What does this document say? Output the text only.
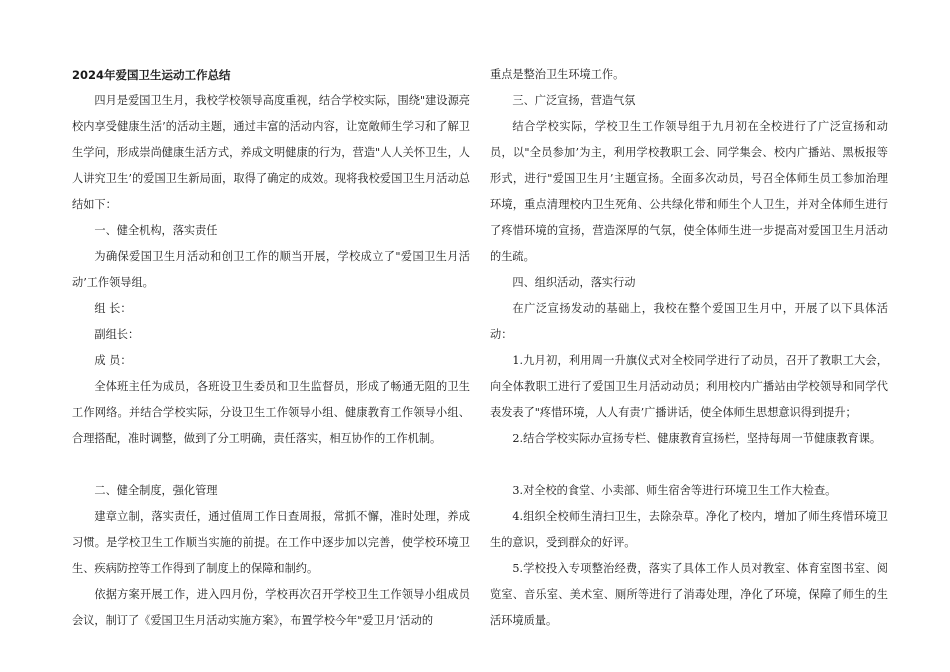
2024年爱国卫生运动工作总结

四月是爱国卫生月，我校学校领导高度重视，结合学校实际，围绕"建设源亮 校内享受健康生活’的活动主题，通过丰富的活动内容，让宽敞师生学习和了解卫生学问，形成崇尚健康生活方式，养成文明健康的行为，营造"人人关怀卫生，人人讲究卫生’的爱国卫生新局面，取得了确定的成效。现将我校爱国卫生月活动总结如下：

一、健全机构，落实责任

为确保爱国卫生月活动和创卫工作的顺当开展，学校成立了"爱国卫生月活动’工作领导组。

组 长：

副组长：

成 员：

全体班主任为成员，各班设卫生委员和卫生监督员，形成了畅通无阻的卫生工作网络。并结合学校实际，分设卫生工作领导小组、健康教育工作领导小组、合理搭配，准时调整，做到了分工明确，责任落实，相互协作的工作机制。

二、健全制度，强化管理

建章立制，落实责任，通过值周工作日查周报，常抓不懈，准时处理，养成习惯。是学校卫生工作顺当实施的前提。在工作中逐步加以完善，使学校环境卫生、疾病防控等工作得到了制度上的保障和制约。

依据方案开展工作，进入四月份，学校再次召开学校卫生工作领导小组成员会议，制订了《爱国卫生月活动实施方案》，布置学校今年"爱卫月’活动的

重点是整治卫生环境工作。

三、广泛宣扬，营造气氛

结合学校实际，学校卫生工作领导组于九月初在全校进行了广泛宣扬和动员，以"全员参加’为主，利用学校教职工会、同学集会、校内广播站、黑板报等形式，进行"爱国卫生月’主题宣扬。全面多次动员，号召全体师生员工参加治理环境，重点清理校内卫生死角、公共绿化带和师生个人卫生，并对全体师生进行了疼惜环境的宣扬，营造深厚的气氛，使全体师生进一步提高对爱国卫生月活动的生疏。

四、组织活动，落实行动

在广泛宣扬发动的基础上，我校在整个爱国卫生月中，开展了以下具体活动：

1.九月初，利用周一升旗仪式对全校同学进行了动员，召开了教职工大会，向全体教职工进行了爱国卫生月活动动员；利用校内广播站由学校领导和同学代表发表了"疼惜环境，人人有责’广播讲话，使全体师生思想意识得到提升；

2.结合学校实际办宣扬专栏、健康教育宣扬栏，坚持每周一节健康教育课。

3.对全校的食堂、小卖部、师生宿舍等进行环境卫生工作大检查。

4.组织全校师生清扫卫生，去除杂草。净化了校内，增加了师生疼惜环境卫生的意识，受到群众的好评。

5.学校投入专项整治经费，落实了具体工作人员对教室、体育室图书室、阅览室、音乐室、美术室、厕所等进行了消毒处理，净化了环境，保障了师生的生活环境质量。
